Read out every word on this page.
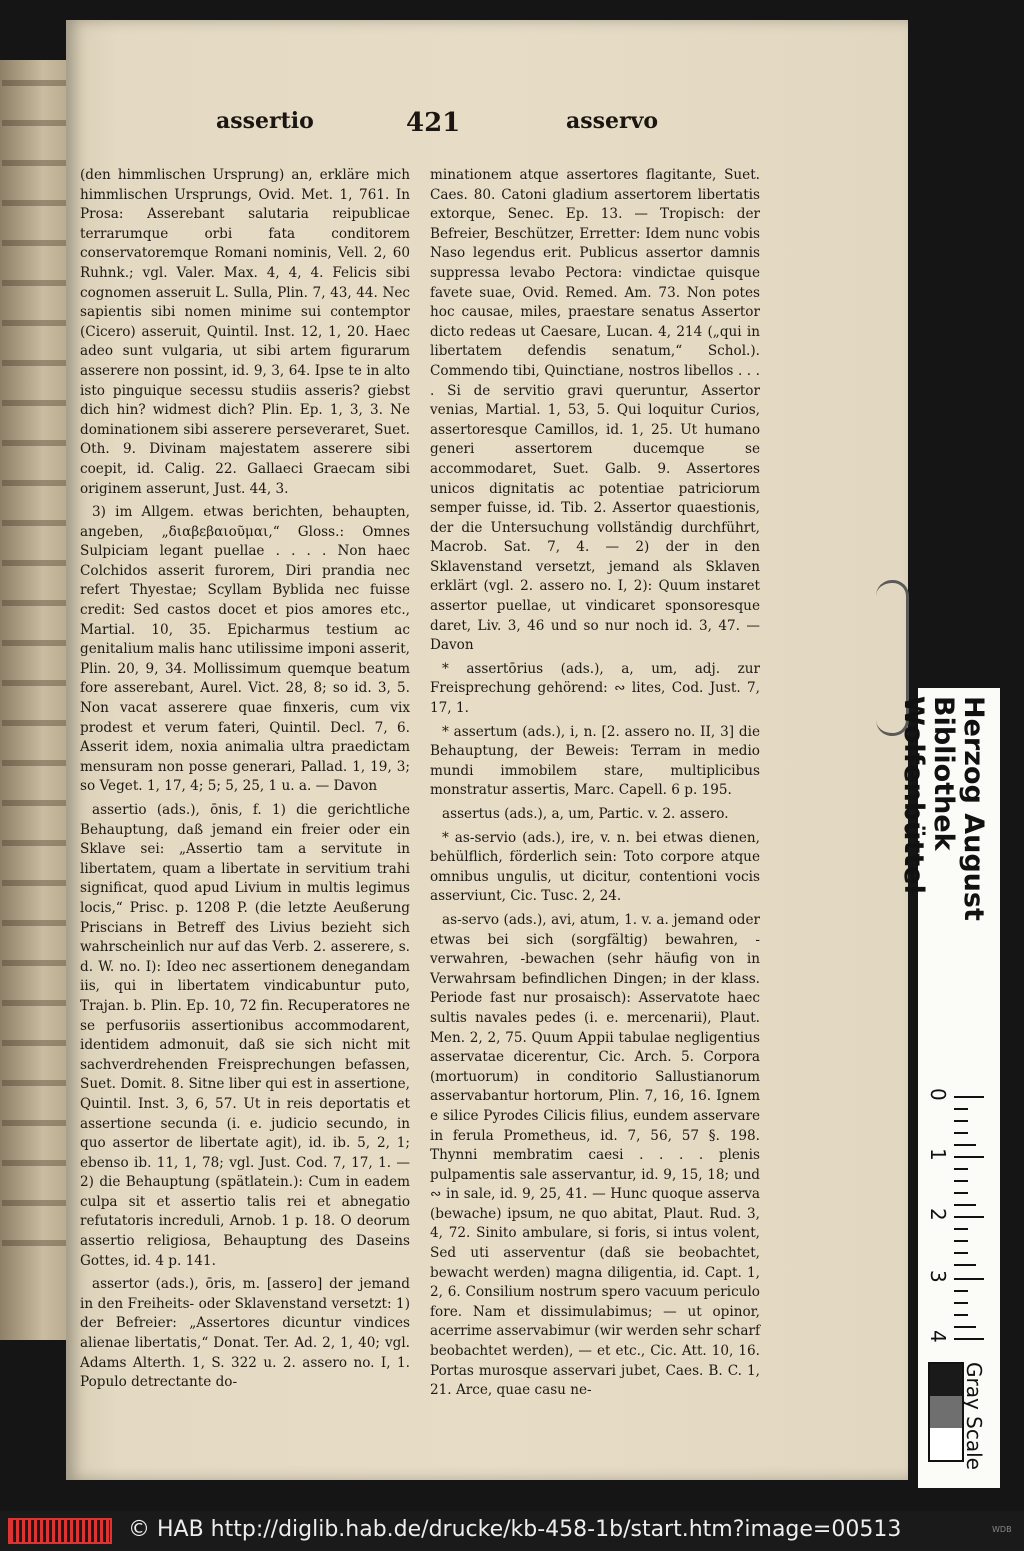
assertio	421	asservo

(den himmlischen Ursprung) an, erkläre mich himmlischen Ursprungs, Ovid. Met. 1, 761. In Prosa: Asserebant salutaria reipublicae terrarumque orbi fata conditorem conservatoremque Romani nominis, Vell. 2, 60 Ruhnk.; vgl. Valer. Max. 4, 4, 4. Felicis sibi cognomen asseruit L. Sulla, Plin. 7, 43, 44. Nec sapientis sibi nomen minime sui contemptor (Cicero) asseruit, Quintil. Inst. 12, 1, 20. Haec adeo sunt vulgaria, ut sibi artem figurarum asserere non possint, id. 9, 3, 64. Ipse te in alto isto pinguique secessu studiis asseris? giebst dich hin? widmest dich? Plin. Ep. 1, 3, 3. Ne dominationem sibi asserere perseveraret, Suet. Oth. 9. Divinam majestatem asserere sibi coepit, id. Calig. 22. Gallaeci Graecam sibi originem asserunt, Just. 44, 3.

3) im Allgem. etwas berichten, behaupten, angeben, „διαβεβαιοῦμαι,“ Gloss.: Omnes Sulpiciam legant puellae . . . . Non haec Colchidos asserit furorem, Diri prandia nec refert Thyestae; Scyllam Byblida nec fuisse credit: Sed castos docet et pios amores etc., Martial. 10, 35. Epicharmus testium ac genitalium malis hanc utilissime imponi asserit, Plin. 20, 9, 34. Mollissimum quemque beatum fore asserebant, Aurel. Vict. 28, 8; so id. 3, 5. Non vacat asserere quae finxeris, cum vix prodest et verum fateri, Quintil. Decl. 7, 6. Asserit idem, noxia animalia ultra praedictam mensuram non posse generari, Pallad. 1, 19, 3; so Veget. 1, 17, 4; 5; 5, 25, 1 u. a. — Davon

assertio (ads.), ōnis, f. 1) die gerichtliche Behauptung, daß jemand ein freier oder ein Sklave sei: „Assertio tam a servitute in libertatem, quam a libertate in servitium trahi significat, quod apud Livium in multis legimus locis,“ Prisc. p. 1208 P. (die letzte Aeußerung Priscians in Betreff des Livius bezieht sich wahrscheinlich nur auf das Verb. 2. asserere, s. d. W. no. I): Ideo nec assertionem denegandam iis, qui in libertatem vindicabuntur puto, Trajan. b. Plin. Ep. 10, 72 fin. Recuperatores ne se perfusoriis assertionibus accommodarent, identidem admonuit, daß sie sich nicht mit sachverdrehenden Freisprechungen befassen, Suet. Domit. 8. Sitne liber qui est in assertione, Quintil. Inst. 3, 6, 57. Ut in reis deportatis et assertione secunda (i. e. judicio secundo, in quo assertor de libertate agit), id. ib. 5, 2, 1; ebenso ib. 11, 1, 78; vgl. Just. Cod. 7, 17, 1. — 2) die Behauptung (spätlatein.): Cum in eadem culpa sit et assertio talis rei et abnegatio refutatoris increduli, Arnob. 1 p. 18. O deorum assertio religiosa, Behauptung des Daseins Gottes, id. 4 p. 141.

assertor (ads.), ōris, m. [assero] der jemand in den Freiheits- oder Sklavenstand versetzt: 1) der Befreier: „Assertores dicuntur vindices alienae libertatis,“ Donat. Ter. Ad. 2, 1, 40; vgl. Adams Alterth. 1, S. 322 u. 2. assero no. I, 1. Populo detrectante do-

minationem atque assertores flagitante, Suet. Caes. 80. Catoni gladium assertorem libertatis extorque, Senec. Ep. 13. — Tropisch: der Befreier, Beschützer, Erretter: Idem nunc vobis Naso legendus erit. Publicus assertor damnis suppressa levabo Pectora: vindictae quisque favete suae, Ovid. Remed. Am. 73. Non potes hoc causae, miles, praestare senatus Assertor dicto redeas ut Caesare, Lucan. 4, 214 („qui in libertatem defendis senatum,“ Schol.). Commendo tibi, Quinctiane, nostros libellos . . . . Si de servitio gravi queruntur, Assertor venias, Martial. 1, 53, 5. Qui loquitur Curios, assertoresque Camillos, id. 1, 25. Ut humano generi assertorem ducemque se accommodaret, Suet. Galb. 9. Assertores unicos dignitatis ac potentiae patriciorum semper fuisse, id. Tib. 2. Assertor quaestionis, der die Untersuchung vollständig durchführt, Macrob. Sat. 7, 4. — 2) der in den Sklavenstand versetzt, jemand als Sklaven erklärt (vgl. 2. assero no. I, 2): Quum instaret assertor puellae, ut vindicaret sponsoresque daret, Liv. 3, 46 und so nur noch id. 3, 47. — Davon

* assertōrius (ads.), a, um, adj. zur Freisprechung gehörend: ∾ lites, Cod. Just. 7, 17, 1.

* assertum (ads.), i, n. [2. assero no. II, 3] die Behauptung, der Beweis: Terram in medio mundi immobilem stare, multiplicibus monstratur assertis, Marc. Capell. 6 p. 195.

assertus (ads.), a, um, Partic. v. 2. assero.

* as-servio (ads.), ire, v. n. bei etwas dienen, behülflich, förderlich sein: Toto corpore atque omnibus ungulis, ut dicitur, contentioni vocis asserviunt, Cic. Tusc. 2, 24.

as-servo (ads.), avi, atum, 1. v. a. jemand oder etwas bei sich (sorgfältig) bewahren, -verwahren, -bewachen (sehr häufig von in Verwahrsam befindlichen Dingen; in der klass. Periode fast nur prosaisch): Asservatote haec sultis navales pedes (i. e. mercenarii), Plaut. Men. 2, 2, 75. Quum Appii tabulae negligentius asservatae dicerentur, Cic. Arch. 5. Corpora (mortuorum) in conditorio Sallustianorum asservabantur hortorum, Plin. 7, 16, 16. Ignem e silice Pyrodes Cilicis filius, eundem asservare in ferula Prometheus, id. 7, 56, 57 §. 198. Thynni membratim caesi . . . . plenis pulpamentis sale asservantur, id. 9, 15, 18; und ∾ in sale, id. 9, 25, 41. — Hunc quoque asserva (bewache) ipsum, ne quo abitat, Plaut. Rud. 3, 4, 72. Sinito ambulare, si foris, si intus volent, Sed uti asserventur (daß sie beobachtet, bewacht werden) magna diligentia, id. Capt. 1, 2, 6. Consilium nostrum spero vacuum periculo fore. Nam et dissimulabimus; — ut opinor, acerrime asservabimur (wir werden sehr scharf beobachtet werden), — et etc., Cic. Att. 10, 16. Portas murosque asservari jubet, Caes. B. C. 1, 21. Arce, quae casu ne-

Herzog August Bibliothek
Wolfenbüttel
0
1
2
3
4
Gray Scale
© HAB http://diglib.hab.de/drucke/kb-458-1b/start.htm?image=00513	WDB
